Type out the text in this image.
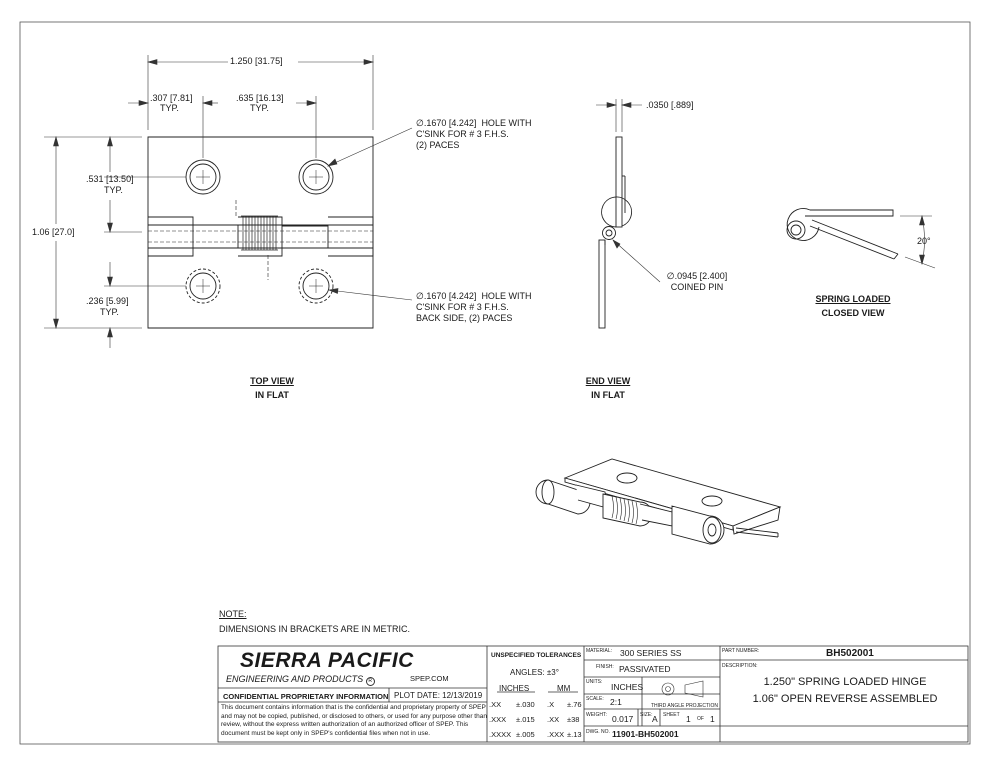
1.250 [31.75]
.307 [7.81]
TYP.
.635 [16.13]
TYP.
.531 [13.50]
TYP.
1.06 [27.0]
.236 [5.99]
TYP.
∅.1670 [4.242]  HOLE WITH
C'SINK FOR # 3 F.H.S.
(2) PACES
∅.1670 [4.242]  HOLE WITH
C'SINK FOR # 3 F.H.S.
BACK SIDE, (2) PACES
.0350 [.889]
∅.0945 [2.400]
COINED PIN
20°
TOP VIEW
IN FLAT
END VIEW
IN FLAT
SPRING LOADED
CLOSED VIEW
NOTE:
DIMENSIONS IN BRACKETS ARE IN METRIC.
SIERRA PACIFIC
ENGINEERING AND PRODUCTS R	SPEP.COM
CONFIDENTIAL PROPRIETARY INFORMATION PLOT DATE: 12/13/2019
This document contains information that is the confidential and proprietary property of SPEP and may not be copied, published, or disclosed to others, or used for any purpose other than review, without the express written authorization of an authorized officer of SPEP. This document must be kept only in SPEP's confidential files when not in use.
UNSPECIFIED TOLERANCES
ANGLES: ±3°
INCHES	MM
.XX ±.030 .X ±.76
.XXX ±.015 .XX ±38
.XXXX ±.005 .XXX ±.13
MATERIAL: 300 SERIES SS
FINISH: PASSIVATED
UNITS: INCHES
SCALE: 2:1	THIRD ANGLE PROJECTION
WEIGHT: 0.017 SIZE: A SHEET 1 OF 1
DWG. NO. 11901-BH502001
PART NUMBER:	BH502001
DESCRIPTION:
1.250" SPRING LOADED HINGE
1.06" OPEN REVERSE ASSEMBLED
